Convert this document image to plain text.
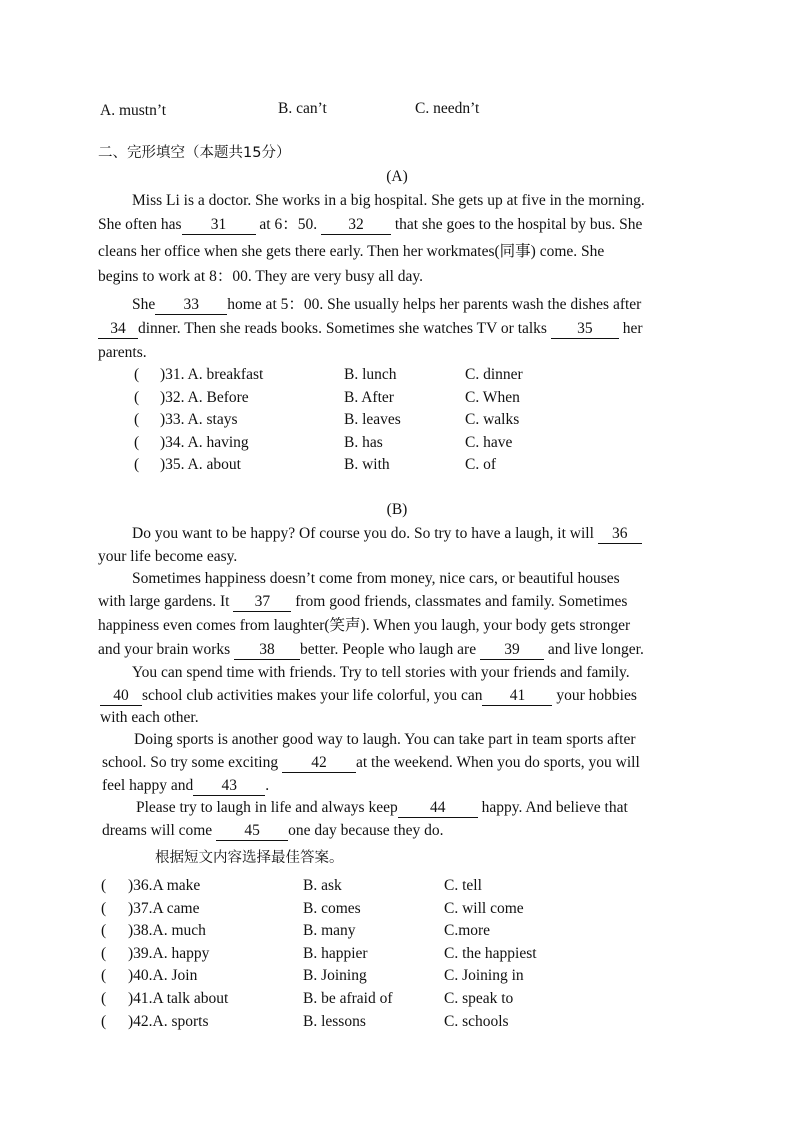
A. mustn’t	B. can’t	C. needn’t
二、完形填空（本题共15分）
(A)
Miss Li is a doctor. She works in a big hospital. She gets up at five in the morning.
She often has 31 at 6：50. 32 that she goes to the hospital by bus. She
cleans her office when she gets there early. Then her workmates(同事) come. She
begins to work at 8：00. They are very busy all day.
She 33 home at 5：00. She usually helps her parents wash the dishes after
34 dinner. Then she reads books. Sometimes she watches TV or talks 35 her
parents.
( )31. A. breakfast	B. lunch	C. dinner
( )32. A. Before	B. After	C. When
( )33. A. stays	B. leaves	C. walks
( )34. A. having	B. has	C. have
( )35. A. about	B. with	C. of
(B)
Do you want to be happy? Of course you do. So try to have a laugh, it will 36
your life become easy.
Sometimes happiness doesn’t come from money, nice cars, or beautiful houses
with large gardens. It 37 from good friends, classmates and family. Sometimes
happiness even comes from laughter(笑声). When you laugh, your body gets stronger
and your brain works 38 better. People who laugh are 39 and live longer.
You can spend time with friends. Try to tell stories with your friends and family.
40 school club activities makes your life colorful, you can 41 your hobbies
with each other.
Doing sports is another good way to laugh. You can take part in team sports after
school. So try some exciting 42 at the weekend. When you do sports, you will
feel happy and 43 .
Please try to laugh in life and always keep 44 happy. And believe that
dreams will come 45 one day because they do.
根据短文内容选择最佳答案。
( )36.A make	B. ask	C. tell
( )37.A came	B. comes	C. will come
( )38.A. much	B. many	C.more
( )39.A. happy	B. happier	C. the happiest
( )40.A. Join	B. Joining	C. Joining in
( )41.A talk about	B. be afraid of	C. speak to
( )42.A. sports	B. lessons	C. schools
